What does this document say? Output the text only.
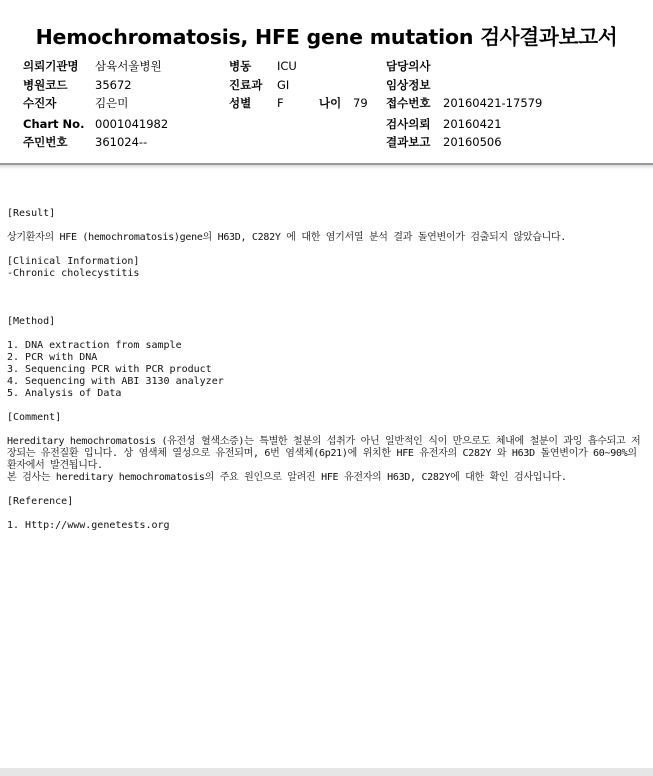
Hemochromatosis, HFE gene mutation 검사결과보고서
의뢰기관명 삼육서울병원
병원코드 35672
수진자	김은미
Chart No. 0001041982
주민번호 361024--
병동 ICU
진료과 GI
성별 F	나이 79
담당의사
임상정보
접수번호 20160421-17579
검사의뢰 20160421
결과보고 20160506
[Result]
상기환자의 HFE (hemochromatosis)gene의 H63D, C282Y 에 대한 염기서열 분석 결과 돌연변이가 검출되지 않았습니다.
[Clinical Information]
-Chronic cholecystitis
[Method]
1. DNA extraction from sample
2. PCR with DNA
3. Sequencing PCR with PCR product
4. Sequencing with ABI 3130 analyzer
5. Analysis of Data
[Comment]
Hereditary hemochromatosis (유전성 혈색소증)는 특별한 철분의 섭취가 아닌 일반적인 식이 만으로도 체내에 철분이 과잉 흡수되고 저장되는 유전질환 입니다. 상 염색체 열성으로 유전되며, 6번 염색체(6p21)에 위치한 HFE 유전자의 C282Y 와 H63D 돌연변이가 60~90%의 환자에서 발견됩니다.
본 검사는 hereditary hemochromatosis의 주요 원인으로 알려진 HFE 유전자의 H63D, C282Y에 대한 확인 검사입니다.
[Reference]
1. Http://www.genetests.org
